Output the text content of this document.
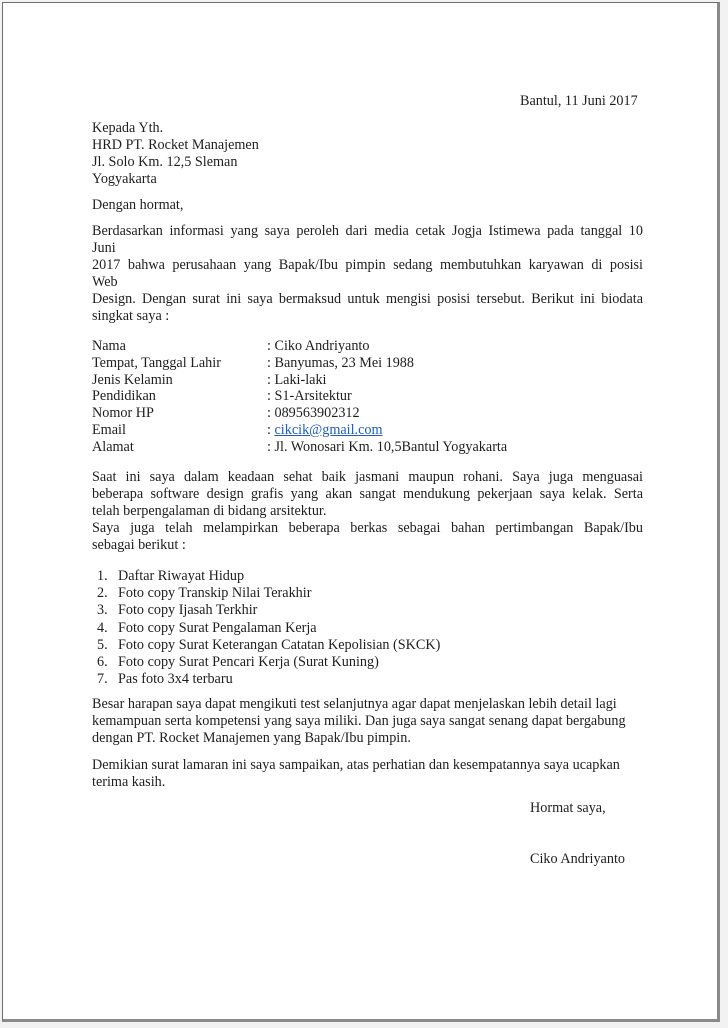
Bantul, 11 Juni 2017
Kepada Yth.
HRD PT. Rocket Manajemen
Jl. Solo Km. 12,5 Sleman
Yogyakarta
Dengan hormat,
Berdasarkan informasi yang saya peroleh dari media cetak Jogja Istimewa pada tanggal 10
Juni
2017 bahwa perusahaan yang Bapak/Ibu pimpin sedang membutuhkan karyawan di posisi
Web
Design. Dengan surat ini saya bermaksud untuk mengisi posisi tersebut. Berikut ini biodata
singkat saya :
Nama	: Ciko Andriyanto
Tempat, Tanggal Lahir	: Banyumas, 23 Mei 1988
Jenis Kelamin	: Laki-laki
Pendidikan	: S1-Arsitektur
Nomor HP	: 089563902312
Email	: cikcik@gmail.com
Alamat	: Jl. Wonosari Km. 10,5Bantul Yogyakarta
Saat ini saya dalam keadaan sehat baik jasmani maupun rohani. Saya juga menguasai
beberapa software design grafis yang akan sangat mendukung pekerjaan saya kelak. Serta
telah berpengalaman di bidang arsitektur.
Saya juga telah melampirkan beberapa berkas sebagai bahan pertimbangan Bapak/Ibu
sebagai berikut :
1. Daftar Riwayat Hidup
2. Foto copy Transkip Nilai Terakhir
3. Foto copy Ijasah Terkhir
4. Foto copy Surat Pengalaman Kerja
5. Foto copy Surat Keterangan Catatan Kepolisian (SKCK)
6. Foto copy Surat Pencari Kerja (Surat Kuning)
7. Pas foto 3x4 terbaru
Besar harapan saya dapat mengikuti test selanjutnya agar dapat menjelaskan lebih detail lagi
kemampuan serta kompetensi yang saya miliki. Dan juga saya sangat senang dapat bergabung
dengan PT. Rocket Manajemen yang Bapak/Ibu pimpin.
Demikian surat lamaran ini saya sampaikan, atas perhatian dan kesempatannya saya ucapkan
terima kasih.
Hormat saya,
Ciko Andriyanto
